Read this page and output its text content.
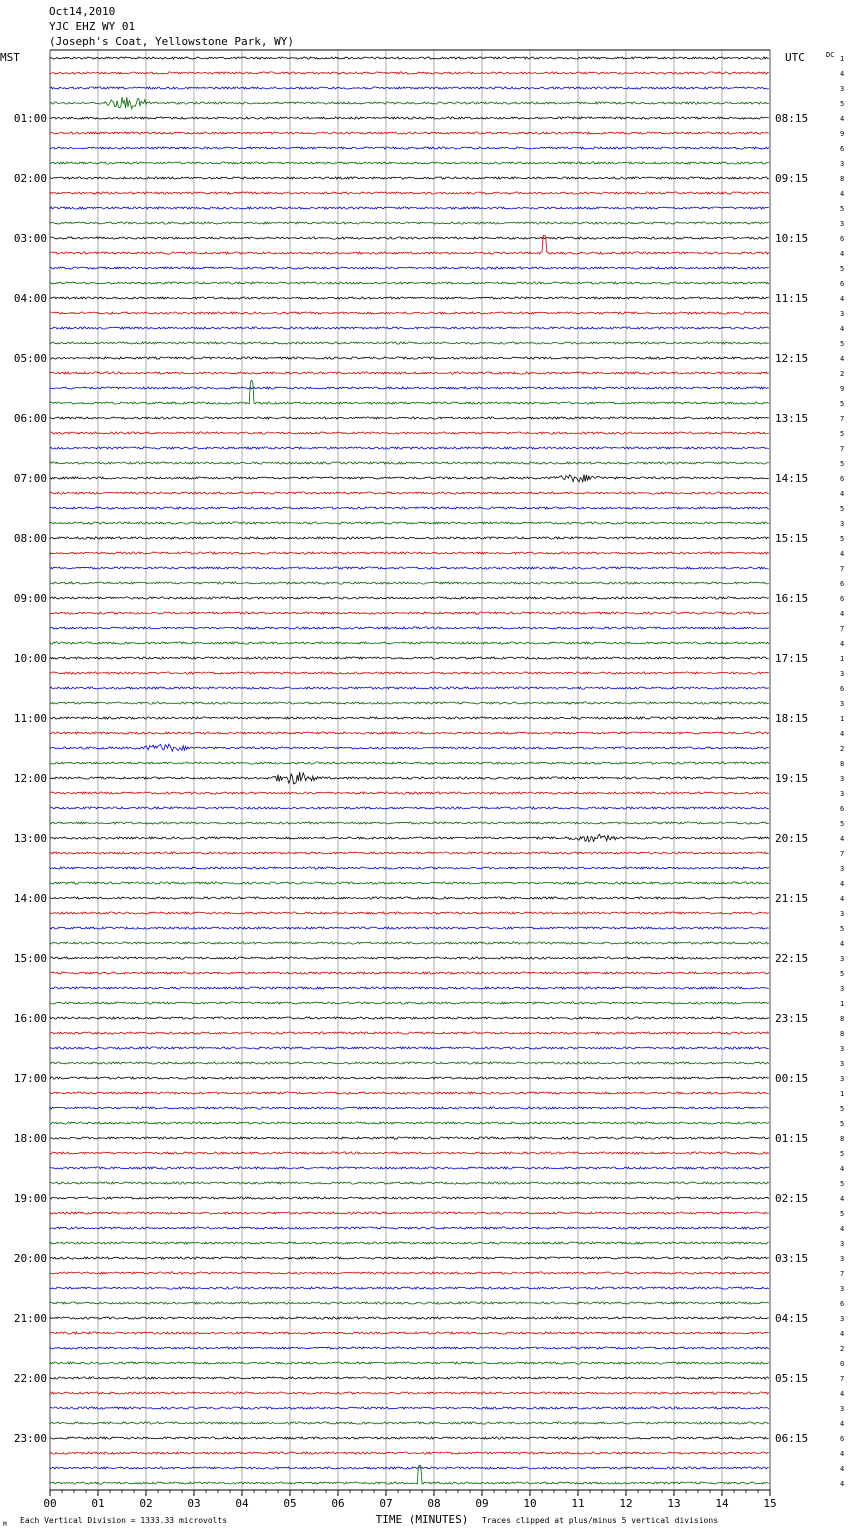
Oct14,2010
YJC EHZ WY 01
(Joseph's Coat, Yellowstone Park, WY)
00	01	02	03	04	05	06	07	08	09	10	11	12	13	14	15
1
4
3
5
4
9
6
3
8
4
5
3
6
4
5
6
4
3
4
5
4
2
9
5
7
5
7
5
6
4
5
3
5
4
7
6
6
4
7
4
1
3
6
3
1
4
2
8
3
3
6
5
4
7
3
4
4
3
5
4
3
5
3
1
8
8
3
3
3
1
5
5
8
5
4
5
4
5
4
3
3
7
3
6
3
4
2
0
7
4
3
4
6
4
4
4
01:00	08:15
02:00	09:15
03:00	10:15
04:00	11:15
05:00	12:15
06:00	13:15
07:00	14:15
08:00	15:15
09:00	16:15
10:00	17:15
11:00	18:15
12:00	19:15
13:00	20:15
14:00	21:15
15:00	22:15
16:00	23:15
17:00	00:15
18:00	01:15
19:00	02:15
20:00	03:15
21:00	04:15
22:00	05:15
23:00	06:15
MST	UTC	DC
M Each Vertical Division = 1333.33 microvolts	TIME (MINUTES) Traces clipped at plus/minus 5 vertical divisions
